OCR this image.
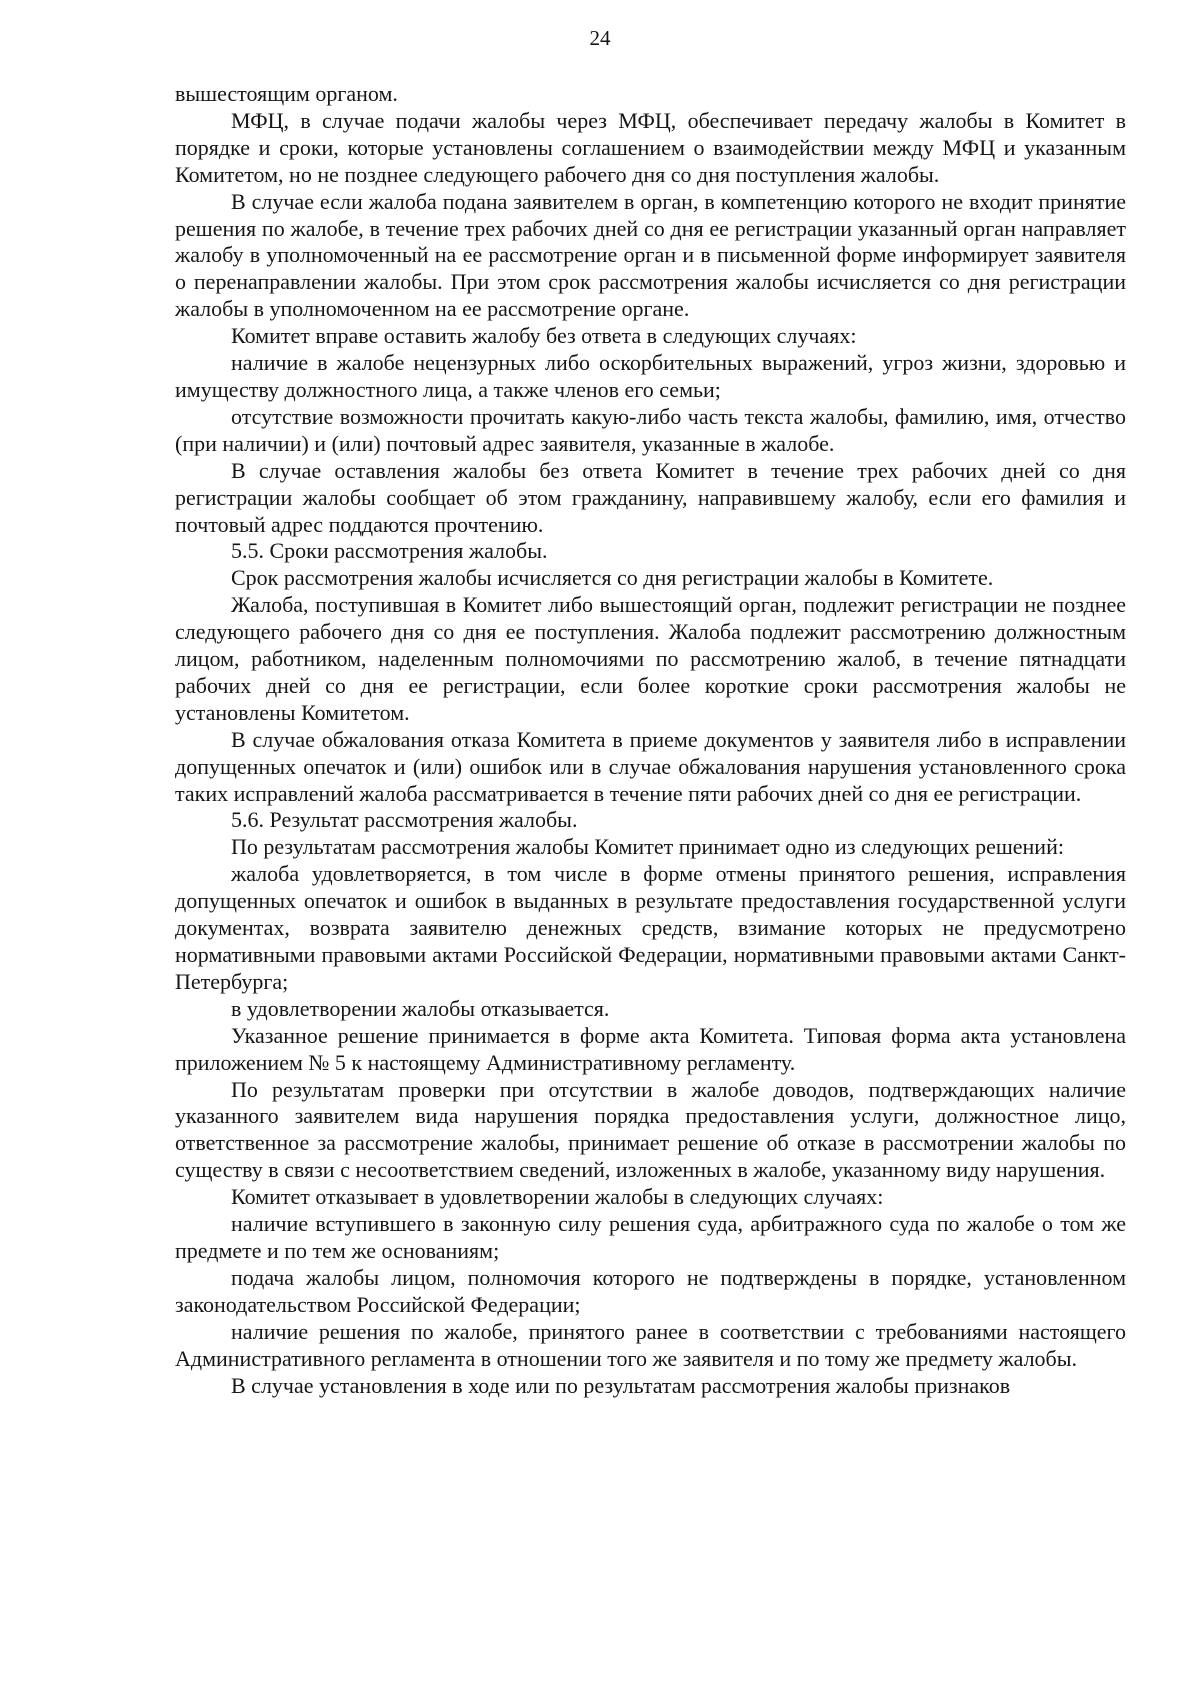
24

вышестоящим органом.

МФЦ, в случае подачи жалобы через МФЦ, обеспечивает передачу жалобы в Комитет в порядке и сроки, которые установлены соглашением о взаимодействии между МФЦ и указанным Комитетом, но не позднее следующего рабочего дня со дня поступления жалобы.

В случае если жалоба подана заявителем в орган, в компетенцию которого не входит принятие решения по жалобе, в течение трех рабочих дней со дня ее регистрации указанный орган направляет жалобу в уполномоченный на ее рассмотрение орган и в письменной форме информирует заявителя о перенаправлении жалобы. При этом срок рассмотрения жалобы исчисляется со дня регистрации жалобы в уполномоченном на ее рассмотрение органе.

Комитет вправе оставить жалобу без ответа в следующих случаях:

наличие в жалобе нецензурных либо оскорбительных выражений, угроз жизни, здоровью и имуществу должностного лица, а также членов его семьи;

отсутствие возможности прочитать какую-либо часть текста жалобы, фамилию, имя, отчество (при наличии) и (или) почтовый адрес заявителя, указанные в жалобе.

В случае оставления жалобы без ответа Комитет в течение трех рабочих дней со дня регистрации жалобы сообщает об этом гражданину, направившему жалобу, если его фамилия и почтовый адрес поддаются прочтению.

5.5. Сроки рассмотрения жалобы.

Срок рассмотрения жалобы исчисляется со дня регистрации жалобы в Комитете.

Жалоба, поступившая в Комитет либо вышестоящий орган, подлежит регистрации не позднее следующего рабочего дня со дня ее поступления. Жалоба подлежит рассмотрению должностным лицом, работником, наделенным полномочиями по рассмотрению жалоб, в течение пятнадцати рабочих дней со дня ее регистрации, если более короткие сроки рассмотрения жалобы не установлены Комитетом.

В случае обжалования отказа Комитета в приеме документов у заявителя либо в исправлении допущенных опечаток и (или) ошибок или в случае обжалования нарушения установленного срока таких исправлений жалоба рассматривается в течение пяти рабочих дней со дня ее регистрации.

5.6. Результат рассмотрения жалобы.

По результатам рассмотрения жалобы Комитет принимает одно из следующих решений:

жалоба удовлетворяется, в том числе в форме отмены принятого решения, исправления допущенных опечаток и ошибок в выданных в результате предоставления государственной услуги документах, возврата заявителю денежных средств, взимание которых не предусмотрено нормативными правовыми актами Российской Федерации, нормативными правовыми актами Санкт-Петербурга;

в удовлетворении жалобы отказывается.

Указанное решение принимается в форме акта Комитета. Типовая форма акта установлена приложением № 5 к настоящему Административному регламенту.

По результатам проверки при отсутствии в жалобе доводов, подтверждающих наличие указанного заявителем вида нарушения порядка предоставления услуги, должностное лицо, ответственное за рассмотрение жалобы, принимает решение об отказе в рассмотрении жалобы по существу в связи с несоответствием сведений, изложенных в жалобе, указанному виду нарушения.

Комитет отказывает в удовлетворении жалобы в следующих случаях:

наличие вступившего в законную силу решения суда, арбитражного суда по жалобе о том же предмете и по тем же основаниям;

подача жалобы лицом, полномочия которого не подтверждены в порядке, установленном законодательством Российской Федерации;

наличие решения по жалобе, принятого ранее в соответствии с требованиями настоящего Административного регламента в отношении того же заявителя и по тому же предмету жалобы.

В случае установления в ходе или по результатам рассмотрения жалобы признаков
